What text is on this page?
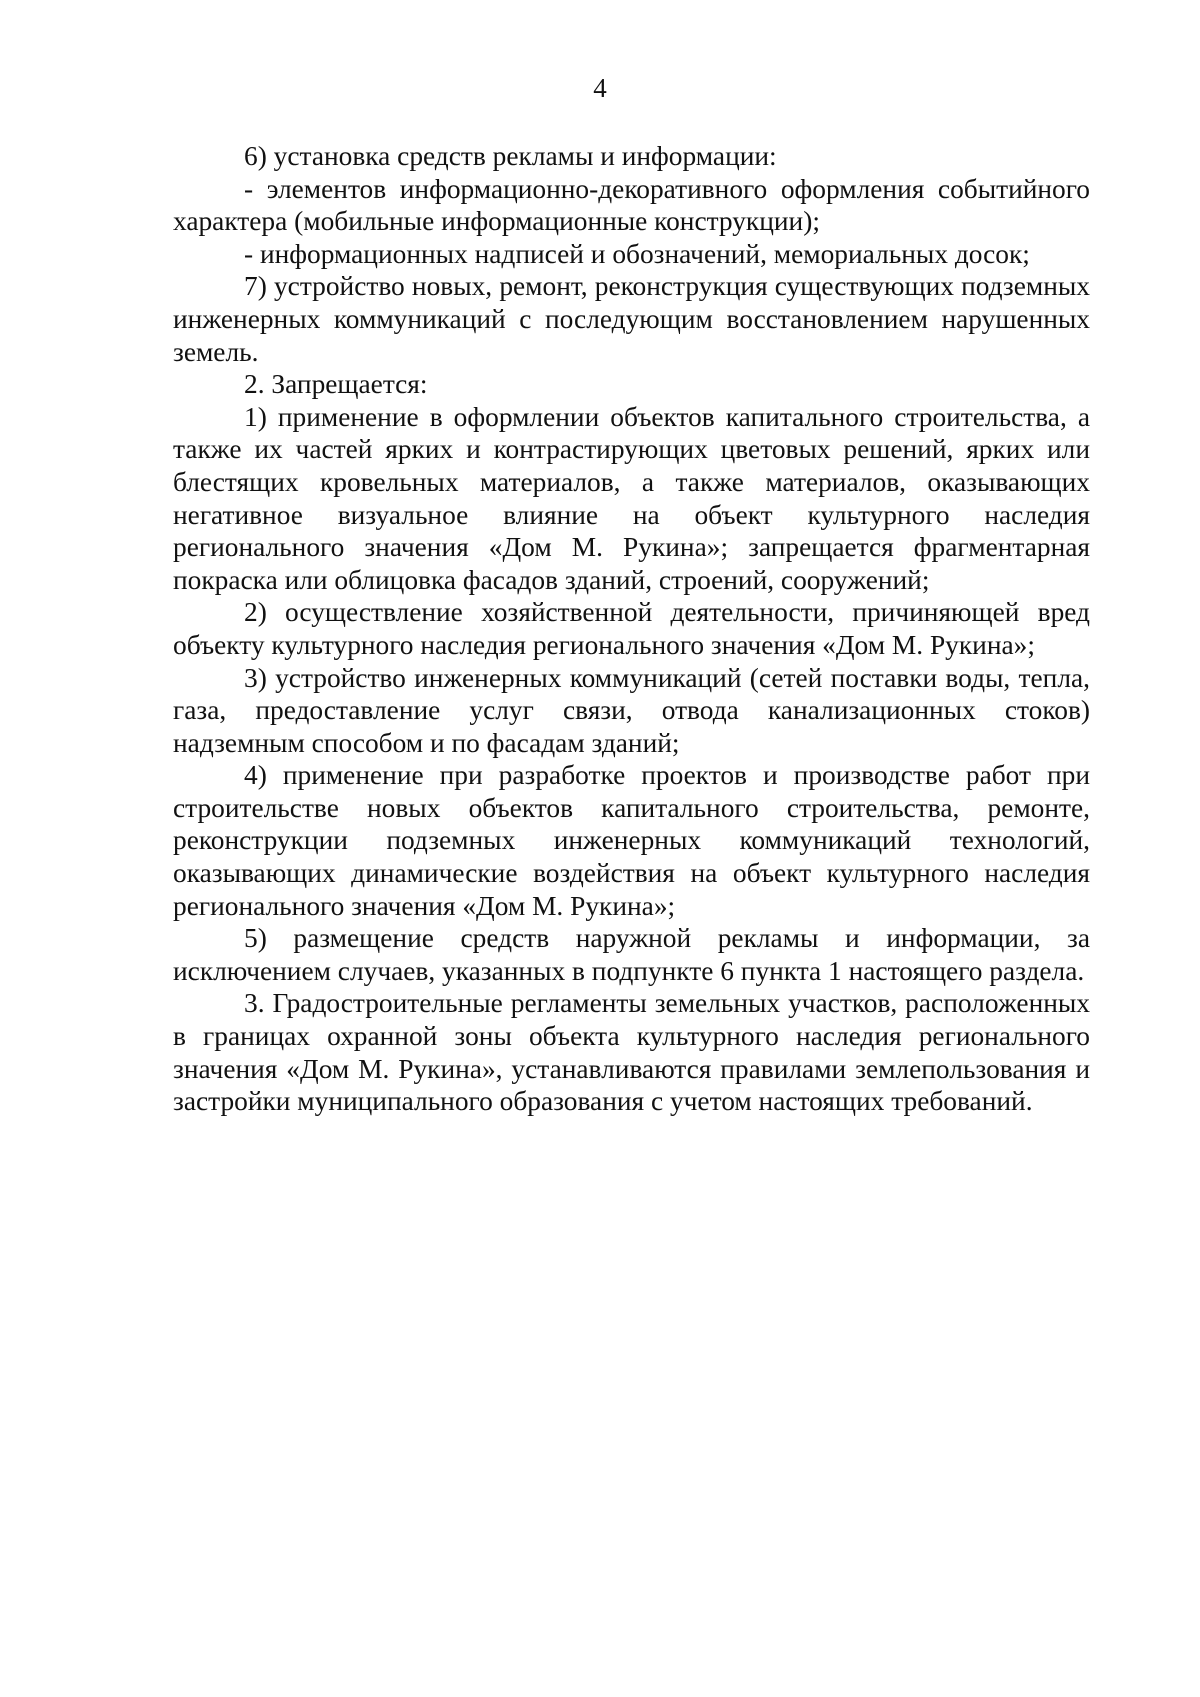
4

6) установка средств рекламы и информации:

- элементов информационно-декоративного оформления событийного характера (мобильные информационные конструкции);

- информационных надписей и обозначений, мемориальных досок;

7) устройство новых, ремонт, реконструкция существующих подземных инженерных коммуникаций с последующим восстановлением нарушенных земель.

2. Запрещается:

1) применение в оформлении объектов капитального строительства, а также их частей ярких и контрастирующих цветовых решений, ярких или блестящих кровельных материалов, а также материалов, оказывающих негативное визуальное влияние на объект культурного наследия регионального значения «Дом М. Рукина»; запрещается фрагментарная покраска или облицовка фасадов зданий, строений, сооружений;

2) осуществление хозяйственной деятельности, причиняющей вред объекту культурного наследия регионального значения «Дом М. Рукина»;

3) устройство инженерных коммуникаций (сетей поставки воды, тепла, газа, предоставление услуг связи, отвода канализационных стоков) надземным способом и по фасадам зданий;

4) применение при разработке проектов и производстве работ при строительстве новых объектов капитального строительства, ремонте, реконструкции подземных инженерных коммуникаций технологий, оказывающих динамические воздействия на объект культурного наследия регионального значения «Дом М. Рукина»;

5) размещение средств наружной рекламы и информации, за исключением случаев, указанных в подпункте 6 пункта 1 настоящего раздела.

3. Градостроительные регламенты земельных участков, расположенных в границах охранной зоны объекта культурного наследия регионального значения «Дом М. Рукина», устанавливаются правилами землепользования и застройки муниципального образования с учетом настоящих требований.
